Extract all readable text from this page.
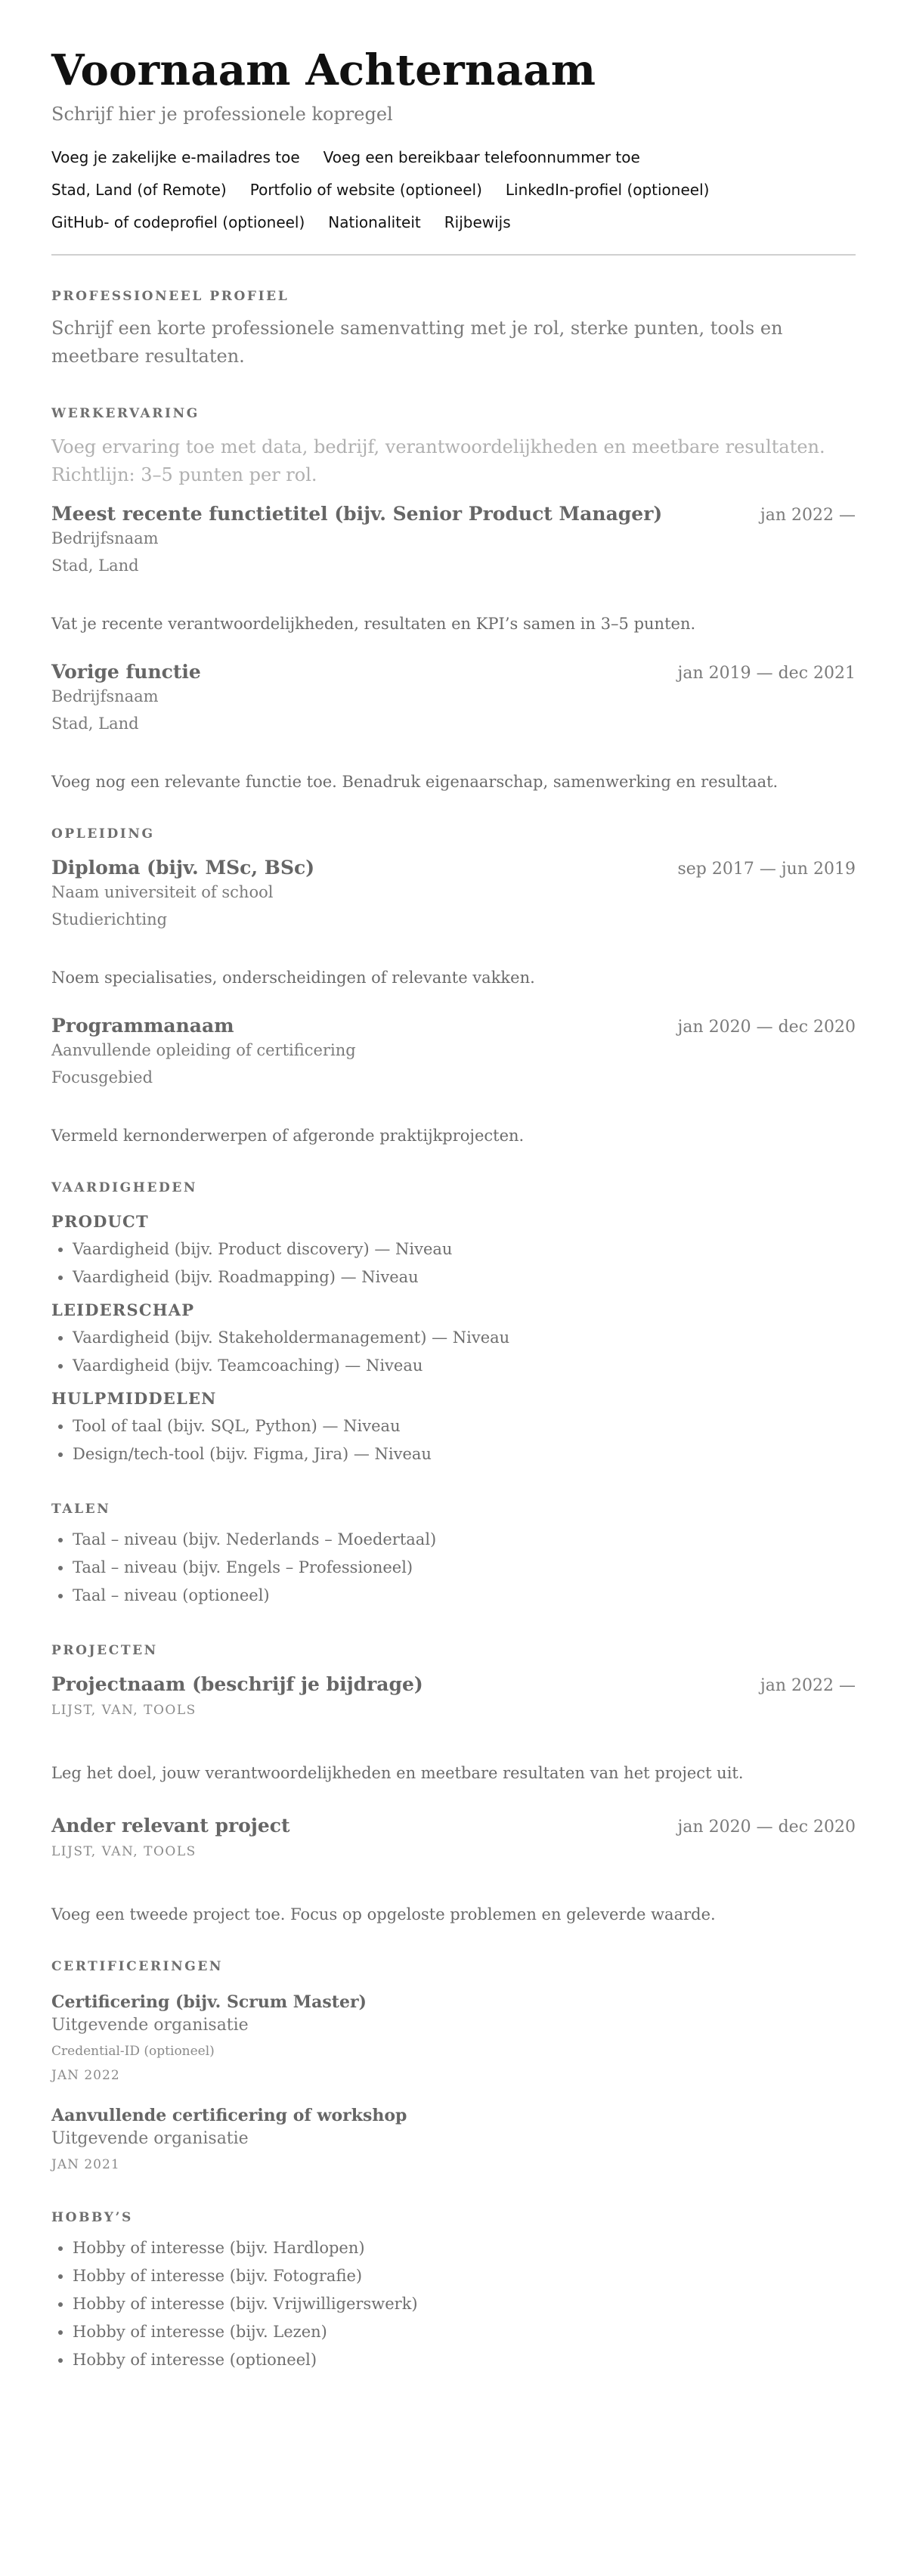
Voornaam Achternaam
Schrijf hier je professionele kopregel
Voeg je zakelijke e-mailadres toe Voeg een bereikbaar telefoonnummer toe
Stad, Land (of Remote) Portfolio of website (optioneel) LinkedIn-profiel (optioneel)
GitHub- of codeprofiel (optioneel) Nationaliteit Rijbewijs
PROFESSIONEEL PROFIEL
Schrijf een korte professionele samenvatting met je rol, sterke punten, tools en
meetbare resultaten.
WERKERVARING
Voeg ervaring toe met data, bedrijf, verantwoordelijkheden en meetbare resultaten.
Richtlijn: 3–5 punten per rol.
Meest recente functietitel (bijv. Senior Product Manager)	jan 2022 —
Bedrijfsnaam
Stad, Land
Vat je recente verantwoordelijkheden, resultaten en KPI’s samen in 3–5 punten.
Vorige functie	jan 2019 — dec 2021
Bedrijfsnaam
Stad, Land
Voeg nog een relevante functie toe. Benadruk eigenaarschap, samenwerking en resultaat.
OPLEIDING
Diploma (bijv. MSc, BSc)	sep 2017 — jun 2019
Naam universiteit of school
Studierichting
Noem specialisaties, onderscheidingen of relevante vakken.
Programmanaam	jan 2020 — dec 2020
Aanvullende opleiding of certificering
Focusgebied
Vermeld kernonderwerpen of afgeronde praktijkprojecten.
VAARDIGHEDEN
PRODUCT
• Vaardigheid (bijv. Product discovery) — Niveau
• Vaardigheid (bijv. Roadmapping) — Niveau
LEIDERSCHAP
• Vaardigheid (bijv. Stakeholdermanagement) — Niveau
• Vaardigheid (bijv. Teamcoaching) — Niveau
HULPMIDDELEN
• Tool of taal (bijv. SQL, Python) — Niveau
• Design/tech-tool (bijv. Figma, Jira) — Niveau
TALEN
• Taal – niveau (bijv. Nederlands – Moedertaal)
• Taal – niveau (bijv. Engels – Professioneel)
• Taal – niveau (optioneel)
PROJECTEN
Projectnaam (beschrijf je bijdrage)	jan 2022 —
LIJST, VAN, TOOLS
Leg het doel, jouw verantwoordelijkheden en meetbare resultaten van het project uit.
Ander relevant project	jan 2020 — dec 2020
LIJST, VAN, TOOLS
Voeg een tweede project toe. Focus op opgeloste problemen en geleverde waarde.
CERTIFICERINGEN
Certificering (bijv. Scrum Master)
Uitgevende organisatie
Credential-ID (optioneel)
JAN 2022
Aanvullende certificering of workshop
Uitgevende organisatie
JAN 2021
HOBBY’S
• Hobby of interesse (bijv. Hardlopen)
• Hobby of interesse (bijv. Fotografie)
• Hobby of interesse (bijv. Vrijwilligerswerk)
• Hobby of interesse (bijv. Lezen)
• Hobby of interesse (optioneel)
